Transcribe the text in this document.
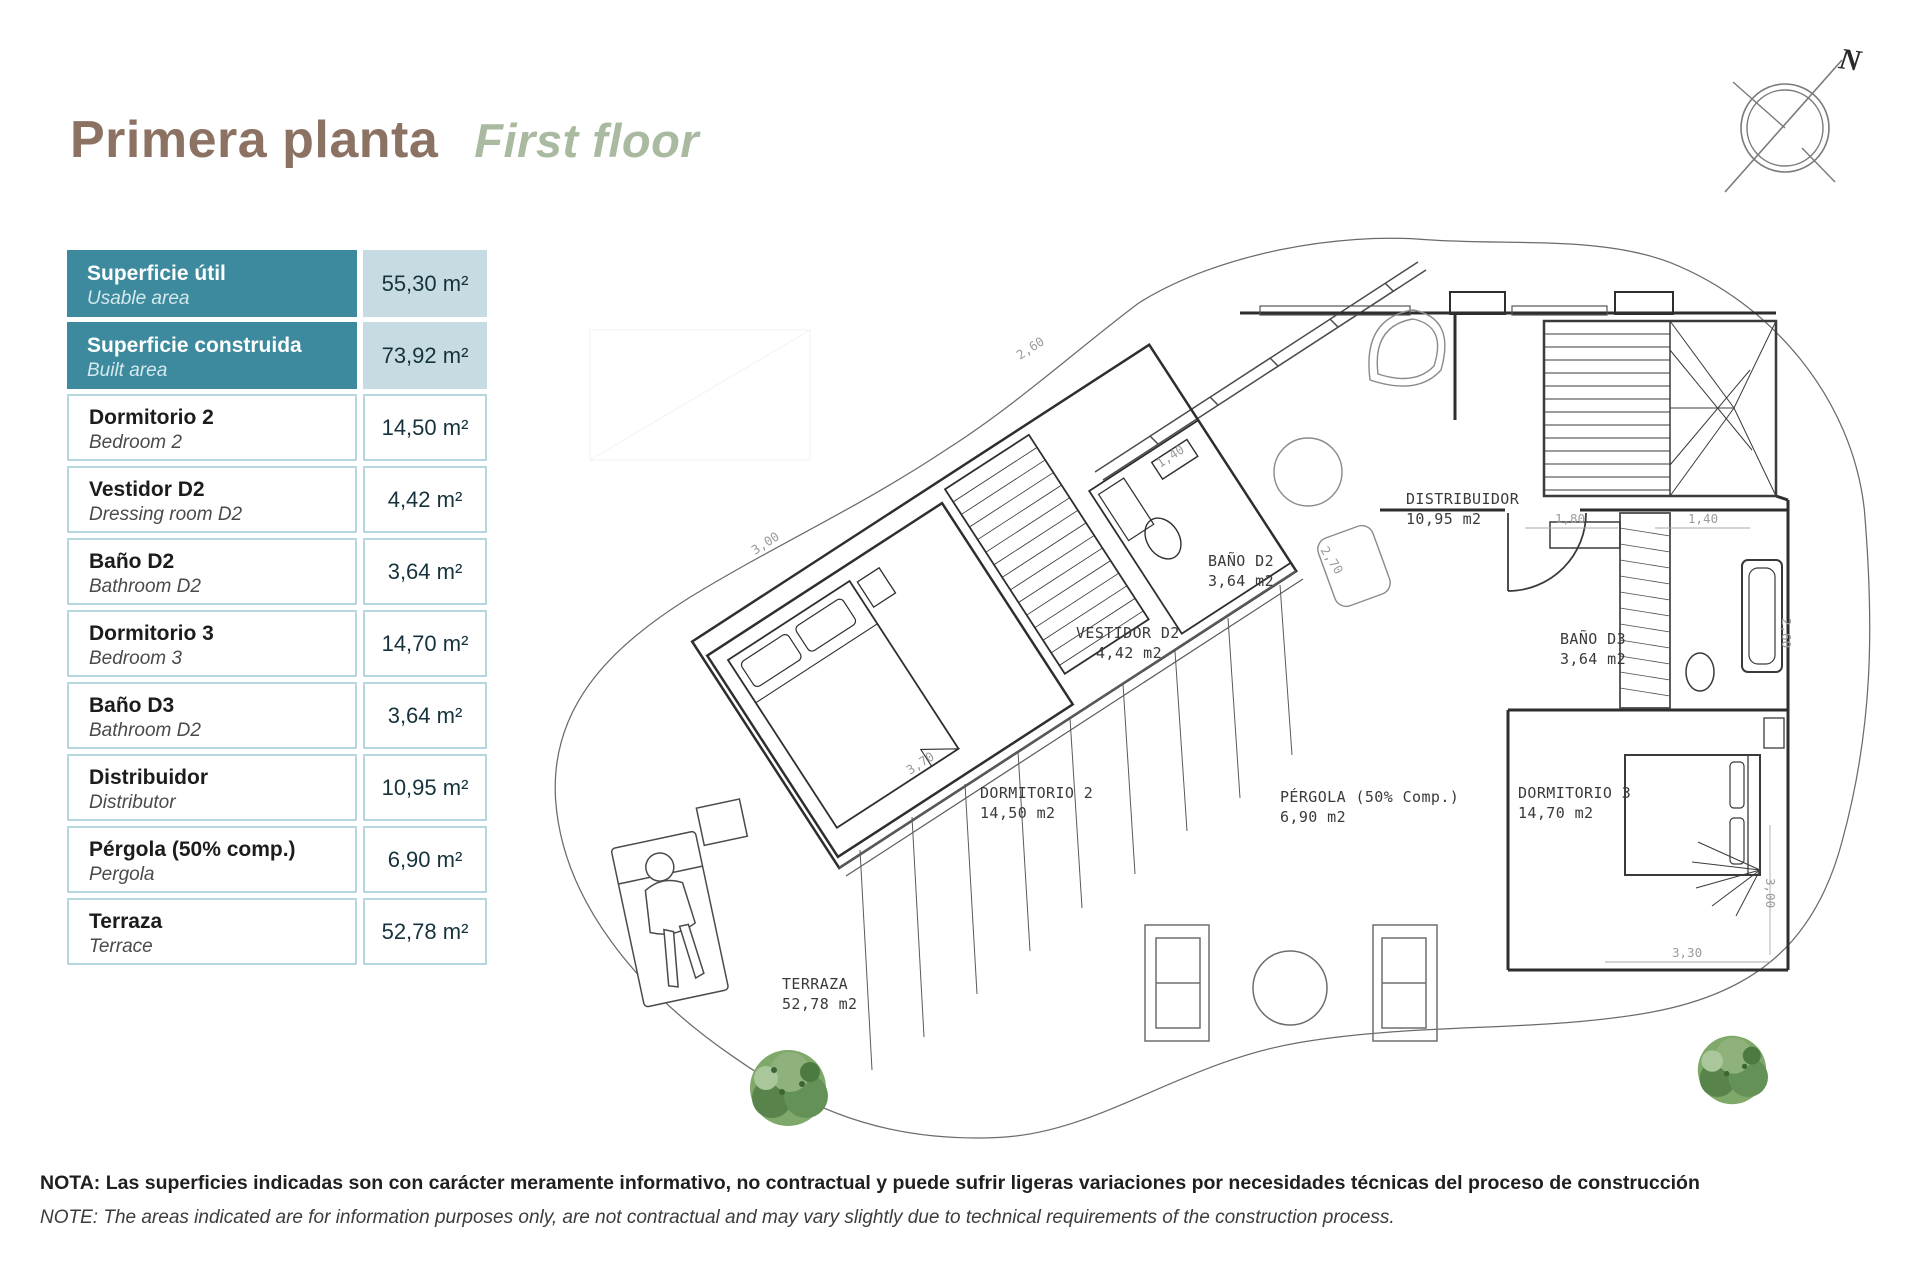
Primera planta First floor
N
Superficie útil
Usable area
55,30 m²
Superficie construida
Built area
73,92 m²
Dormitorio 2
Bedroom 2
14,50 m²
Vestidor D2
Dressing room D2
4,42 m²
Baño D2
Bathroom D2
3,64 m²
Dormitorio 3
Bedroom 3
14,70 m²
Baño D3
Bathroom D2
3,64 m²
Distribuidor
Distributor
10,95 m²
Pérgola (50% comp.)
Pergola
6,90 m²
Terraza
Terrace
52,78 m²
DORMITORIO 2
14,50 m2
VESTIDOR D2
4,42 m2
BAÑO D2
3,64 m2
DISTRIBUIDOR
10,95 m2
BAÑO D3
3,64 m2
DORMITORIO 3
14,70 m2
PÉRGOLA (50% Comp.)
6,90 m2
TERRAZA
52,78 m2
2,60
1,40
3,00
3,70
2,70
1,80	1,40
2,60
3,00
3,30
NOTA: Las superficies indicadas son con carácter meramente informativo, no contractual y puede sufrir ligeras variaciones por necesidades técnicas del proceso de construcción
NOTE: The areas indicated are for information purposes only, are not contractual and may vary slightly due to technical requirements of the construction process.
